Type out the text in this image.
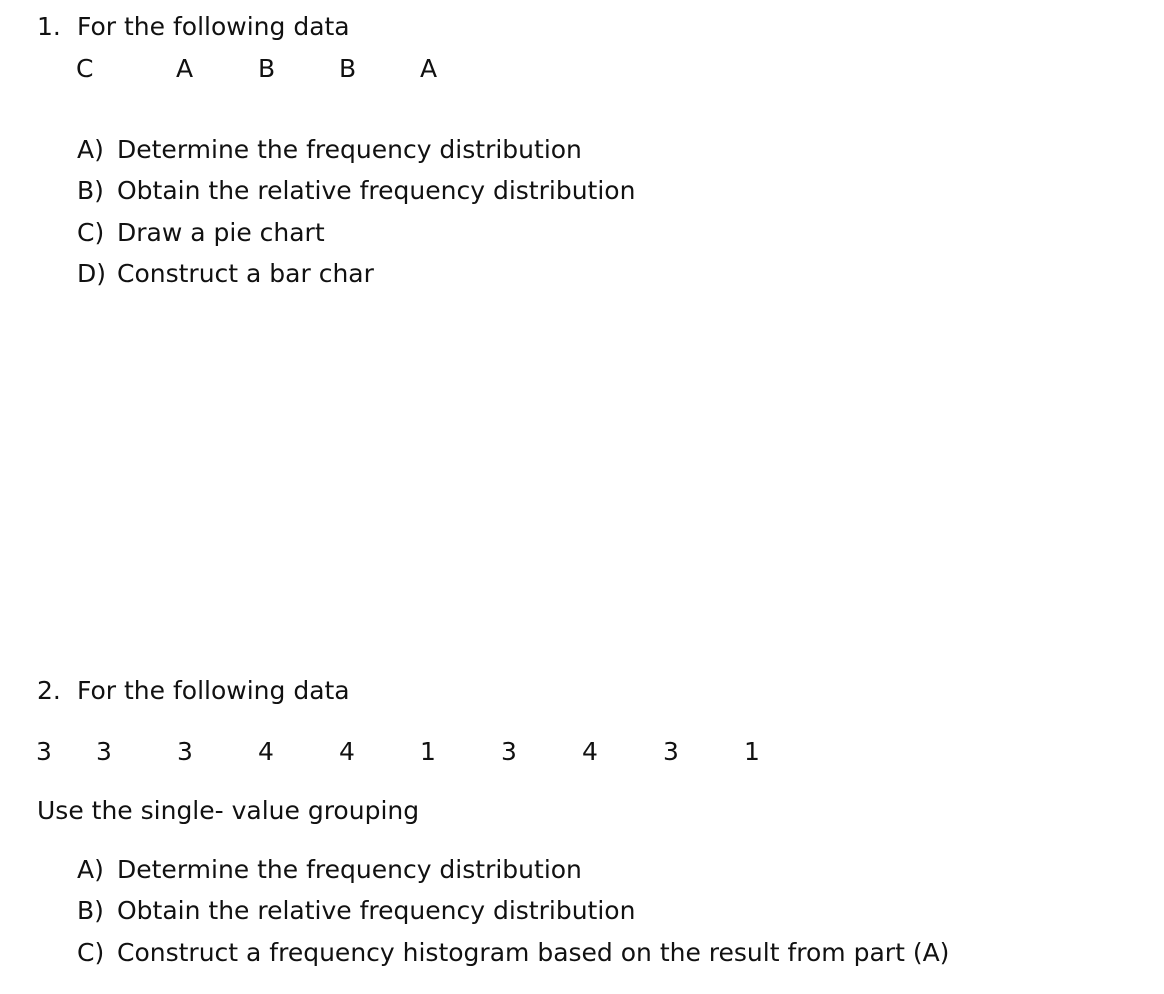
1. For the following data
C	A	B	B	A
A) Determine the frequency distribution
B) Obtain the relative frequency distribution
C) Draw a pie chart
D) Construct a bar char
2. For the following data
3 3	3	4	4	1	3	4	3	1
Use the single- value grouping
A) Determine the frequency distribution
B) Obtain the relative frequency distribution
C) Construct a frequency histogram based on the result from part (A)
